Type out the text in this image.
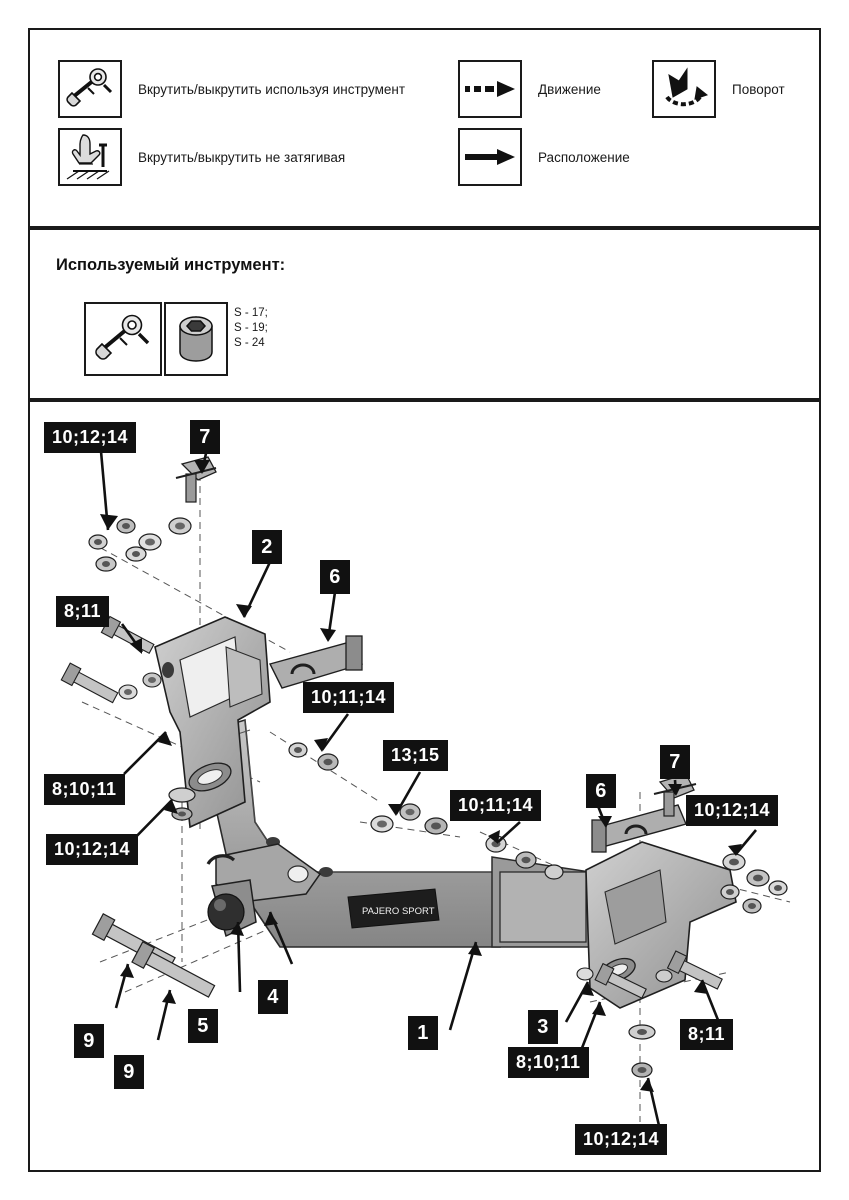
Вкрутить/выкрутить используя инструмент
Вкрутить/выкрутить не затягивая
Движение
Расположение
Поворот
Используемый инструмент:
S - 17;
S - 19;
S - 24
PAJERO SPORT
10;12;14	7
2
6
8;11
10;11;14
8;10;11
13;15
10;12;14
10;11;14
7
6
10;12;14
4
5
9
9
1	3
8;10;11
8;11
10;12;14
